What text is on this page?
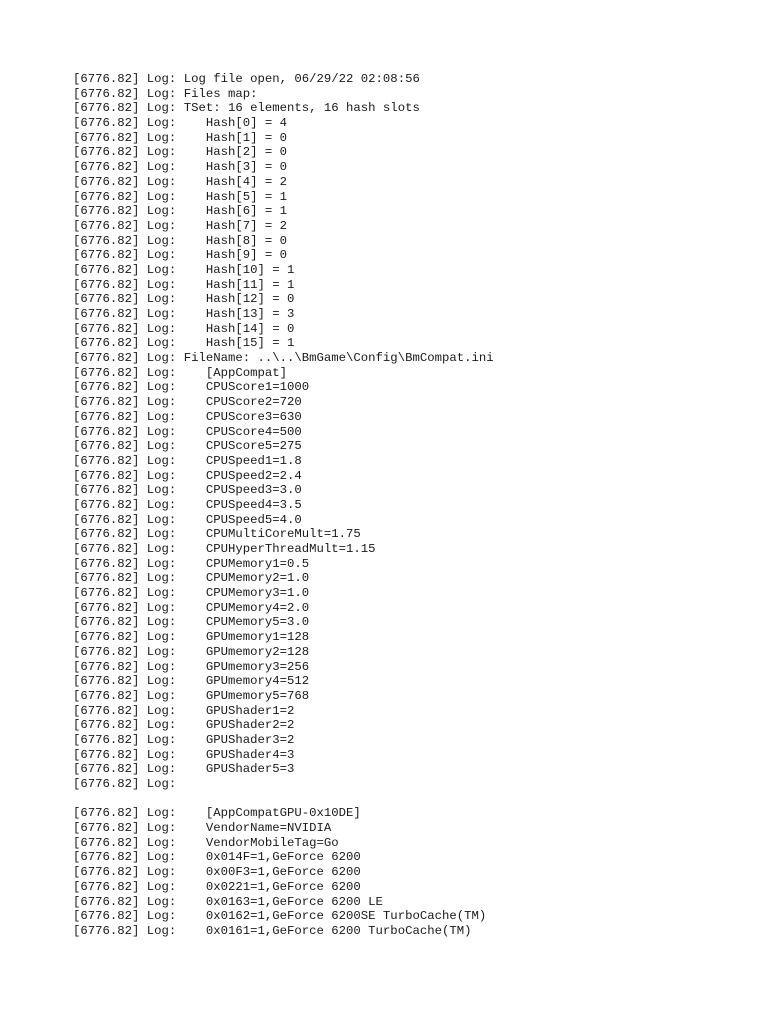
[6776.82] Log: Log file open, 06/29/22 02:08:56
[6776.82] Log: Files map:
[6776.82] Log: TSet: 16 elements, 16 hash slots
[6776.82] Log:    Hash[0] = 4
[6776.82] Log:    Hash[1] = 0
[6776.82] Log:    Hash[2] = 0
[6776.82] Log:    Hash[3] = 0
[6776.82] Log:    Hash[4] = 2
[6776.82] Log:    Hash[5] = 1
[6776.82] Log:    Hash[6] = 1
[6776.82] Log:    Hash[7] = 2
[6776.82] Log:    Hash[8] = 0
[6776.82] Log:    Hash[9] = 0
[6776.82] Log:    Hash[10] = 1
[6776.82] Log:    Hash[11] = 1
[6776.82] Log:    Hash[12] = 0
[6776.82] Log:    Hash[13] = 3
[6776.82] Log:    Hash[14] = 0
[6776.82] Log:    Hash[15] = 1
[6776.82] Log: FileName: ..\..\BmGame\Config\BmCompat.ini
[6776.82] Log:    [AppCompat]
[6776.82] Log:    CPUScore1=1000
[6776.82] Log:    CPUScore2=720
[6776.82] Log:    CPUScore3=630
[6776.82] Log:    CPUScore4=500
[6776.82] Log:    CPUScore5=275
[6776.82] Log:    CPUSpeed1=1.8
[6776.82] Log:    CPUSpeed2=2.4
[6776.82] Log:    CPUSpeed3=3.0
[6776.82] Log:    CPUSpeed4=3.5
[6776.82] Log:    CPUSpeed5=4.0
[6776.82] Log:    CPUMultiCoreMult=1.75
[6776.82] Log:    CPUHyperThreadMult=1.15
[6776.82] Log:    CPUMemory1=0.5
[6776.82] Log:    CPUMemory2=1.0
[6776.82] Log:    CPUMemory3=1.0
[6776.82] Log:    CPUMemory4=2.0
[6776.82] Log:    CPUMemory5=3.0
[6776.82] Log:    GPUmemory1=128
[6776.82] Log:    GPUmemory2=128
[6776.82] Log:    GPUmemory3=256
[6776.82] Log:    GPUmemory4=512
[6776.82] Log:    GPUmemory5=768
[6776.82] Log:    GPUShader1=2
[6776.82] Log:    GPUShader2=2
[6776.82] Log:    GPUShader3=2
[6776.82] Log:    GPUShader4=3
[6776.82] Log:    GPUShader5=3
[6776.82] Log:
[6776.82] Log:    [AppCompatGPU-0x10DE]
[6776.82] Log:    VendorName=NVIDIA
[6776.82] Log:    VendorMobileTag=Go
[6776.82] Log:    0x014F=1,GeForce 6200
[6776.82] Log:    0x00F3=1,GeForce 6200
[6776.82] Log:    0x0221=1,GeForce 6200
[6776.82] Log:    0x0163=1,GeForce 6200 LE
[6776.82] Log:    0x0162=1,GeForce 6200SE TurboCache(TM)
[6776.82] Log:    0x0161=1,GeForce 6200 TurboCache(TM)
